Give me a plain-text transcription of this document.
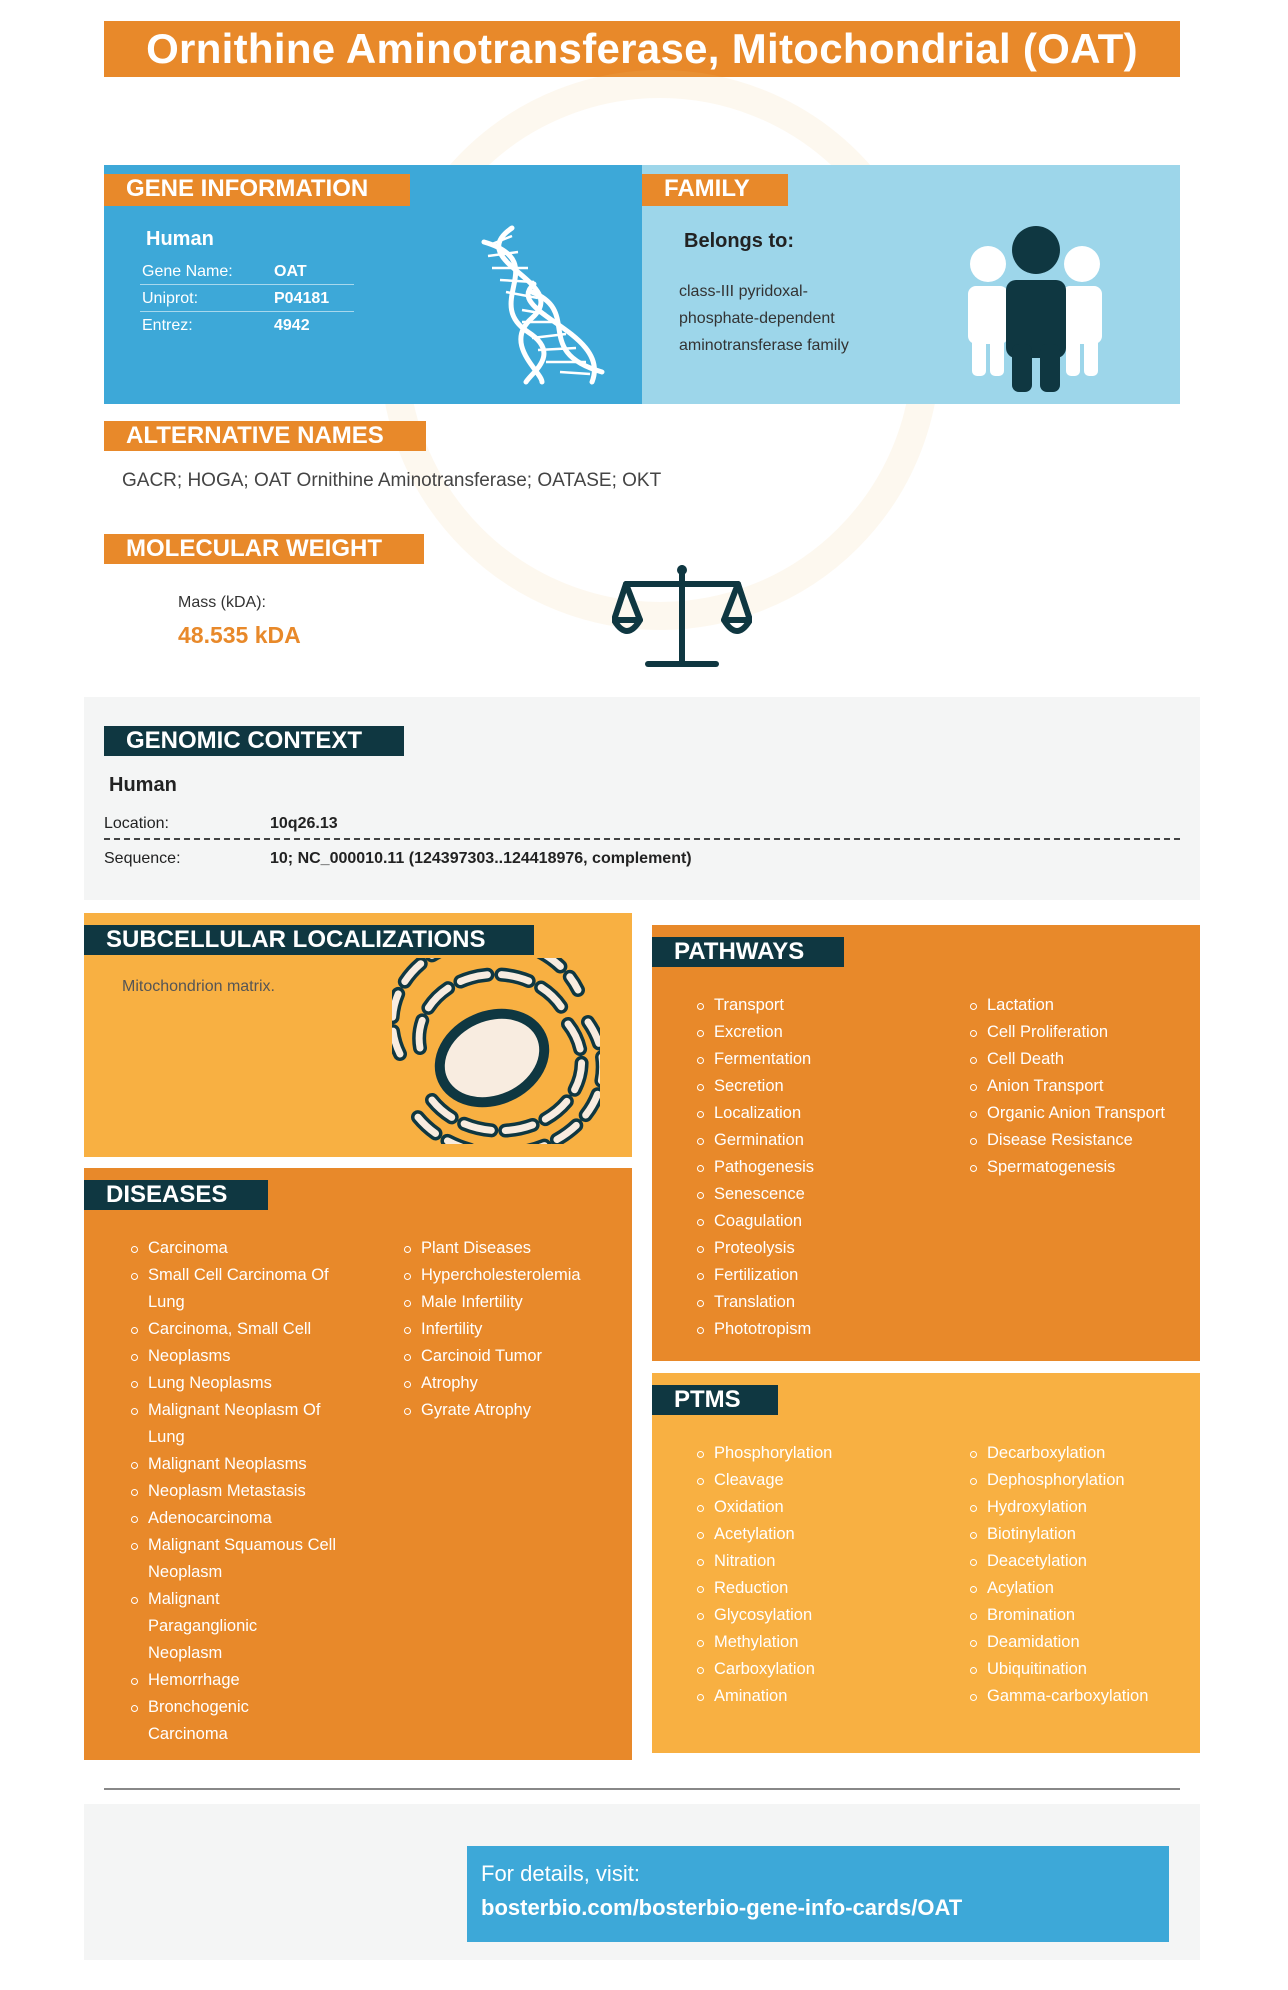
Ornithine Aminotransferase, Mitochondrial (OAT)
GENE INFORMATION
Human
Gene Name:	OAT
Uniprot:	P04181
Entrez:	4942
FAMILY
Belongs to:
class-III pyridoxal-
phosphate-dependent
aminotransferase family
ALTERNATIVE NAMES
GACR; HOGA; OAT Ornithine Aminotransferase; OATASE; OKT
MOLECULAR WEIGHT
Mass (kDA):
48.535 kDA
GENOMIC CONTEXT
Human
Location:	10q26.13
Sequence:	10; NC_000010.11 (124397303..124418976, complement)
SUBCELLULAR LOCALIZATIONS
Mitochondrion matrix.
DISEASES
Carcinoma
Small Cell Carcinoma Of Lung
Carcinoma, Small Cell
Neoplasms
Lung Neoplasms
Malignant Neoplasm Of Lung
Malignant Neoplasms
Neoplasm Metastasis
Adenocarcinoma
Malignant Squamous Cell Neoplasm
Malignant Paraganglionic Neoplasm
Hemorrhage
Bronchogenic Carcinoma
Plant Diseases
Hypercholesterolemia
Male Infertility
Infertility
Carcinoid Tumor
Atrophy
Gyrate Atrophy
PATHWAYS
Transport
Excretion
Fermentation
Secretion
Localization
Germination
Pathogenesis
Senescence
Coagulation
Proteolysis
Fertilization
Translation
Phototropism
Lactation
Cell Proliferation
Cell Death
Anion Transport
Organic Anion Transport
Disease Resistance
Spermatogenesis
PTMS
Phosphorylation
Cleavage
Oxidation
Acetylation
Nitration
Reduction
Glycosylation
Methylation
Carboxylation
Amination
Decarboxylation
Dephosphorylation
Hydroxylation
Biotinylation
Deacetylation
Acylation
Bromination
Deamidation
Ubiquitination
Gamma-carboxylation
For details, visit:
bosterbio.com/bosterbio-gene-info-cards/OAT
